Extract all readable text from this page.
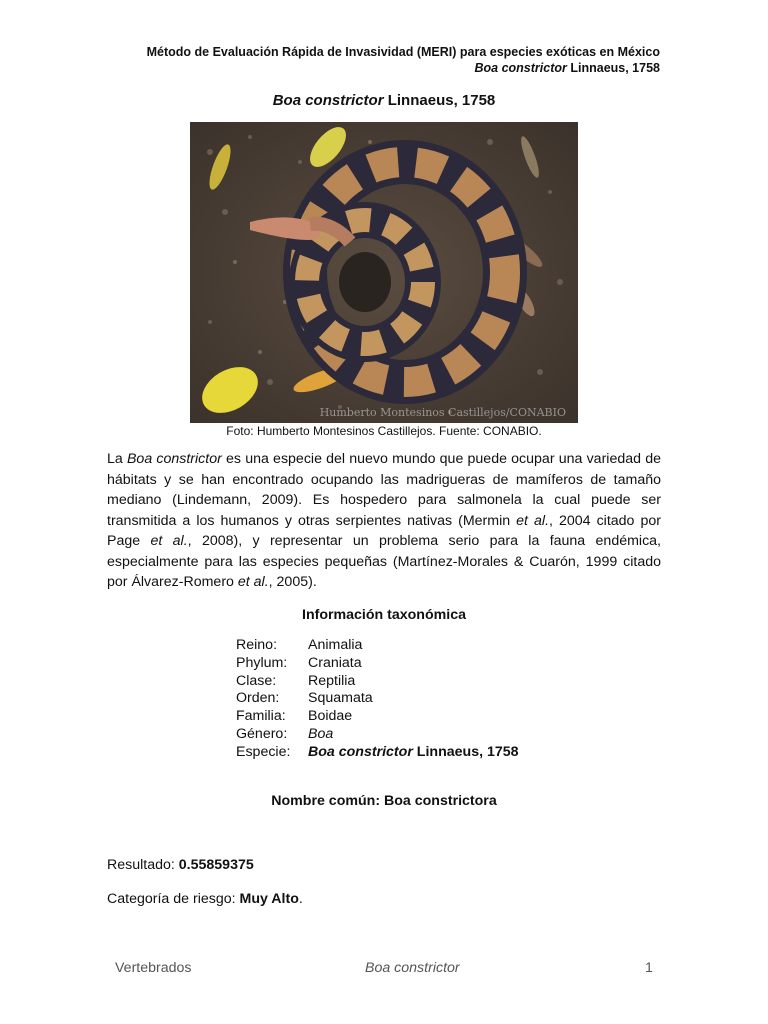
Método de Evaluación Rápida de Invasividad (MERI) para especies exóticas en México
Boa constrictor Linnaeus, 1758
Boa constrictor Linnaeus, 1758
Humberto Montesinos Castillejos/CONABIO
Foto: Humberto Montesinos Castillejos. Fuente: CONABIO.

La Boa constrictor es una especie del nuevo mundo que puede ocupar una variedad de hábitats y se han encontrado ocupando las madrigueras de mamíferos de tamaño mediano (Lindemann, 2009). Es hospedero para salmonela la cual puede ser transmitida a los humanos y otras serpientes nativas (Mermin et al., 2004 citado por Page et al., 2008), y representar un problema serio para la fauna endémica, especialmente para las especies pequeñas (Martínez-Morales & Cuarón, 1999 citado por Álvarez-Romero et al., 2005).

Información taxonómica
Reino:	Animalia
Phylum:	Craniata
Clase:	Reptilia
Orden:	Squamata
Familia:	Boidae
Género:	Boa
Especie:	Boa constrictor Linnaeus, 1758
Nombre común: Boa constrictora
Resultado: 0.55859375
Categoría de riesgo: Muy Alto.
Vertebrados	Boa constrictor	1
